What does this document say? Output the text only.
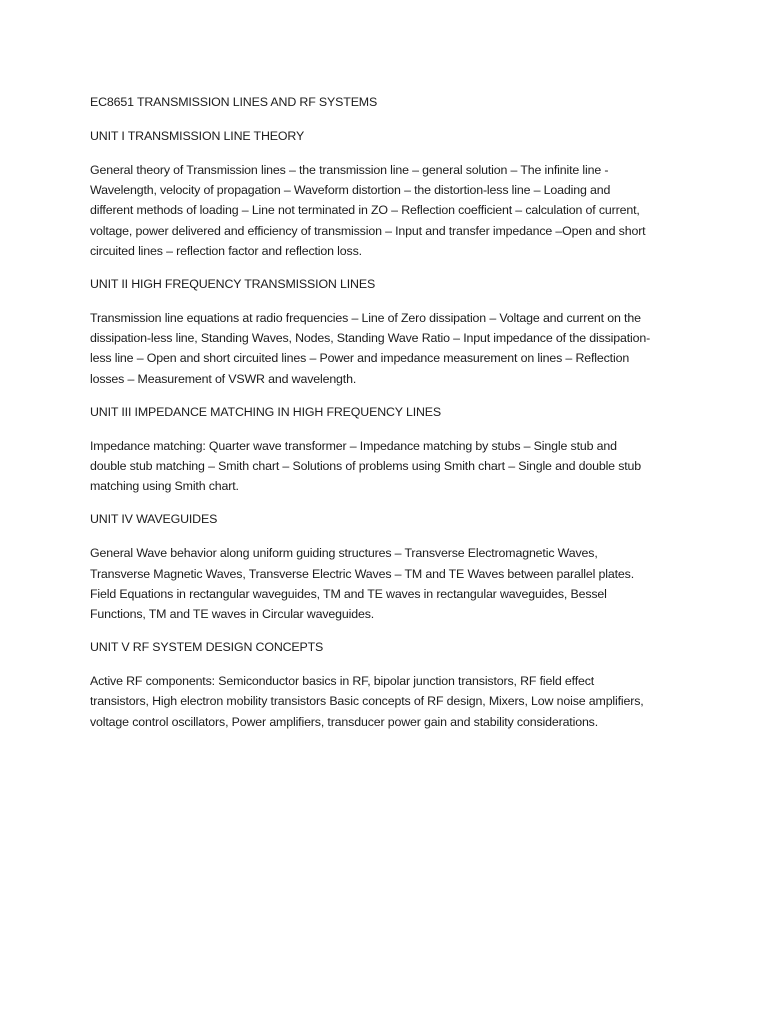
EC8651 TRANSMISSION LINES AND RF SYSTEMS

UNIT I TRANSMISSION LINE THEORY

General theory of Transmission lines – the transmission line – general solution – The infinite line -
Wavelength, velocity of propagation – Waveform distortion – the distortion-less line – Loading and
different methods of loading – Line not terminated in ZO – Reflection coefficient – calculation of current,
voltage, power delivered and efficiency of transmission – Input and transfer impedance –Open and short
circuited lines – reflection factor and reflection loss.

UNIT II HIGH FREQUENCY TRANSMISSION LINES

Transmission line equations at radio frequencies – Line of Zero dissipation – Voltage and current on the
dissipation-less line, Standing Waves, Nodes, Standing Wave Ratio – Input impedance of the dissipation-
less line – Open and short circuited lines – Power and impedance measurement on lines – Reflection
losses – Measurement of VSWR and wavelength.

UNIT III IMPEDANCE MATCHING IN HIGH FREQUENCY LINES

Impedance matching: Quarter wave transformer – Impedance matching by stubs – Single stub and
double stub matching – Smith chart – Solutions of problems using Smith chart – Single and double stub
matching using Smith chart.

UNIT IV WAVEGUIDES

General Wave behavior along uniform guiding structures – Transverse Electromagnetic Waves,
Transverse Magnetic Waves, Transverse Electric Waves – TM and TE Waves between parallel plates.
Field Equations in rectangular waveguides, TM and TE waves in rectangular waveguides, Bessel
Functions, TM and TE waves in Circular waveguides.

UNIT V RF SYSTEM DESIGN CONCEPTS

Active RF components: Semiconductor basics in RF, bipolar junction transistors, RF field effect
transistors, High electron mobility transistors Basic concepts of RF design, Mixers, Low noise amplifiers,
voltage control oscillators, Power amplifiers, transducer power gain and stability considerations.
